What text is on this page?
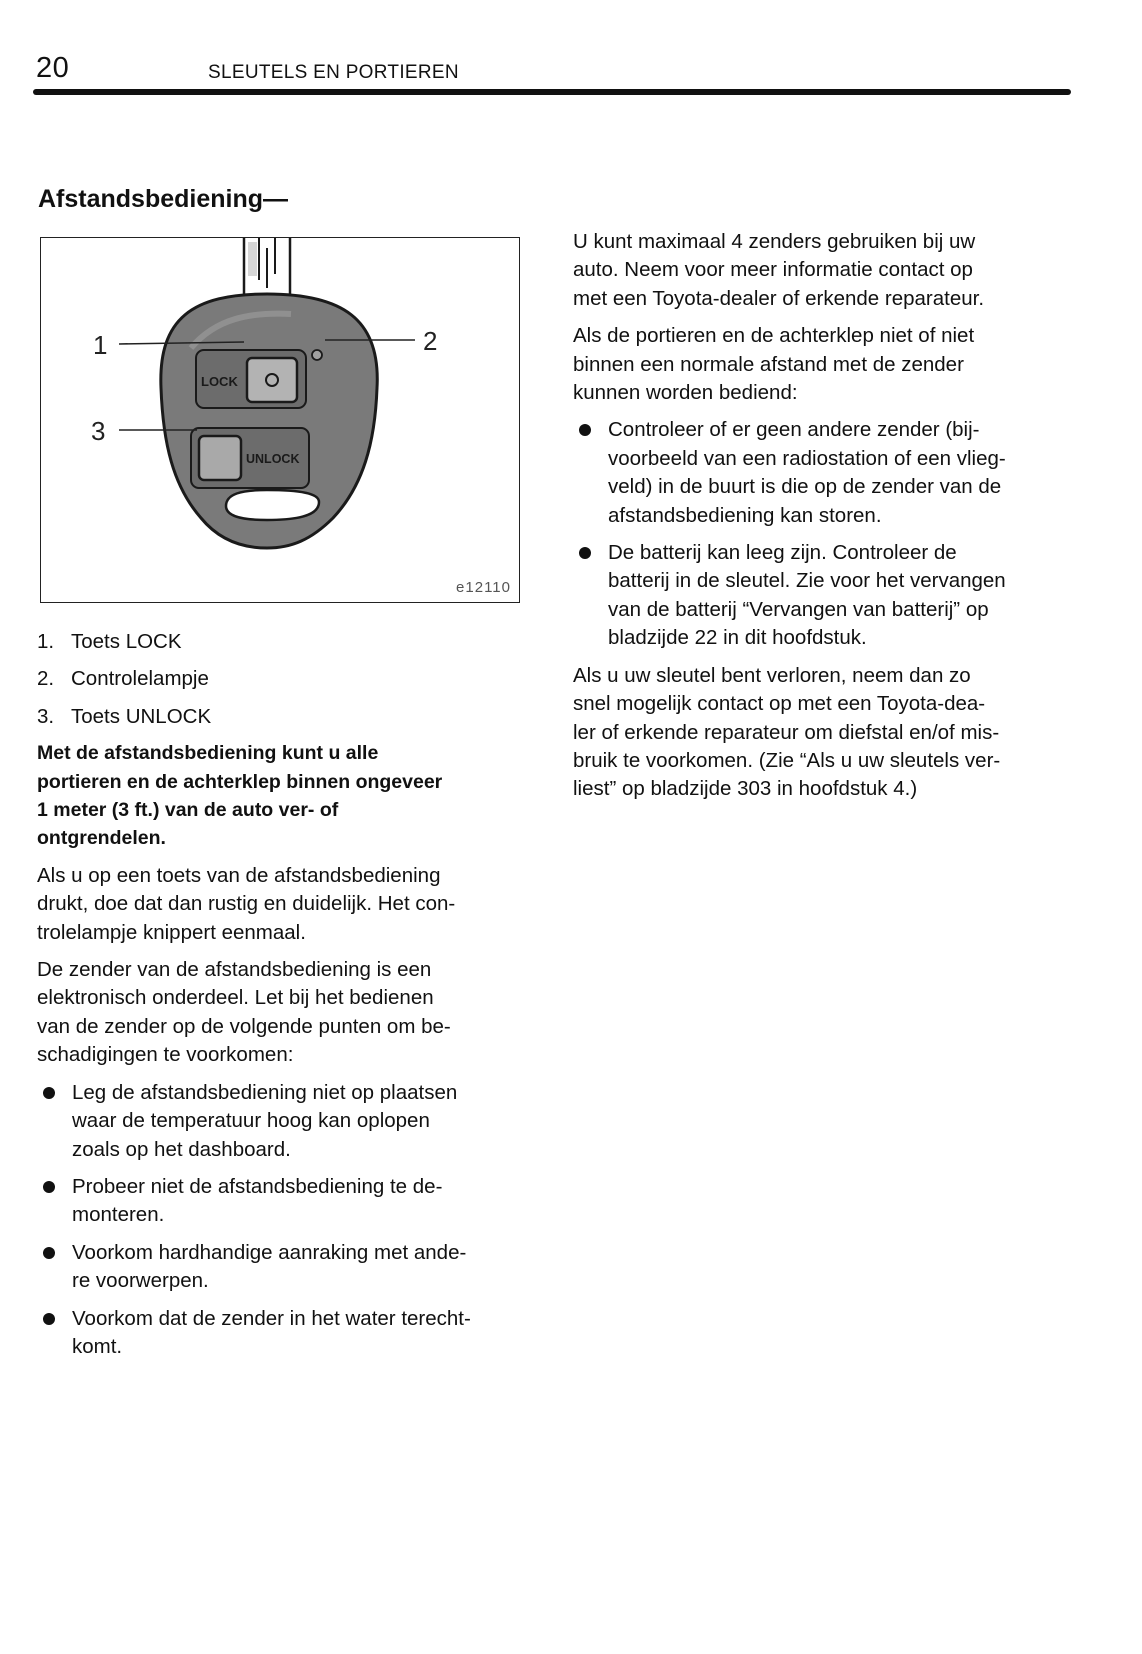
20	SLEUTELS EN PORTIEREN
Afstandsbediening—
LOCK
UNLOCK
1	2
3
e12110
1. Toets LOCK
2. Controlelampje
3. Toets UNLOCK

Met de afstandsbediening kunt u alle
portieren en de achterklep binnen ongeveer
1 meter (3 ft.) van de auto ver- of
ontgrendelen.

Als u op een toets van de afstandsbediening
drukt, doe dat dan rustig en duidelijk. Het con-
trolelampje knippert eenmaal.

De zender van de afstandsbediening is een
elektronisch onderdeel. Let bij het bedienen
van de zender op de volgende punten om be-
schadigingen te voorkomen:

Leg de afstandsbediening niet op plaatsen
waar de temperatuur hoog kan oplopen
zoals op het dashboard.
Probeer niet de afstandsbediening te de-
monteren.
Voorkom hardhandige aanraking met ande-
re voorwerpen.
Voorkom dat de zender in het water terecht-
komt.

U kunt maximaal 4 zenders gebruiken bij uw
auto. Neem voor meer informatie contact op
met een Toyota‑dealer of erkende reparateur.

Als de portieren en de achterklep niet of niet
binnen een normale afstand met de zender
kunnen worden bediend:

Controleer of er geen andere zender (bij-
voorbeeld van een radiostation of een vlieg-
veld) in de buurt is die op de zender van de
afstandsbediening kan storen.
De batterij kan leeg zijn. Controleer de
batterij in de sleutel. Zie voor het vervangen
van de batterij “Vervangen van batterij” op
bladzijde 22 in dit hoofdstuk.

Als u uw sleutel bent verloren, neem dan zo
snel mogelijk contact op met een Toyota‑dea-
ler of erkende reparateur om diefstal en/of mis-
bruik te voorkomen. (Zie “Als u uw sleutels ver-
liest” op bladzijde 303 in hoofdstuk 4.)
